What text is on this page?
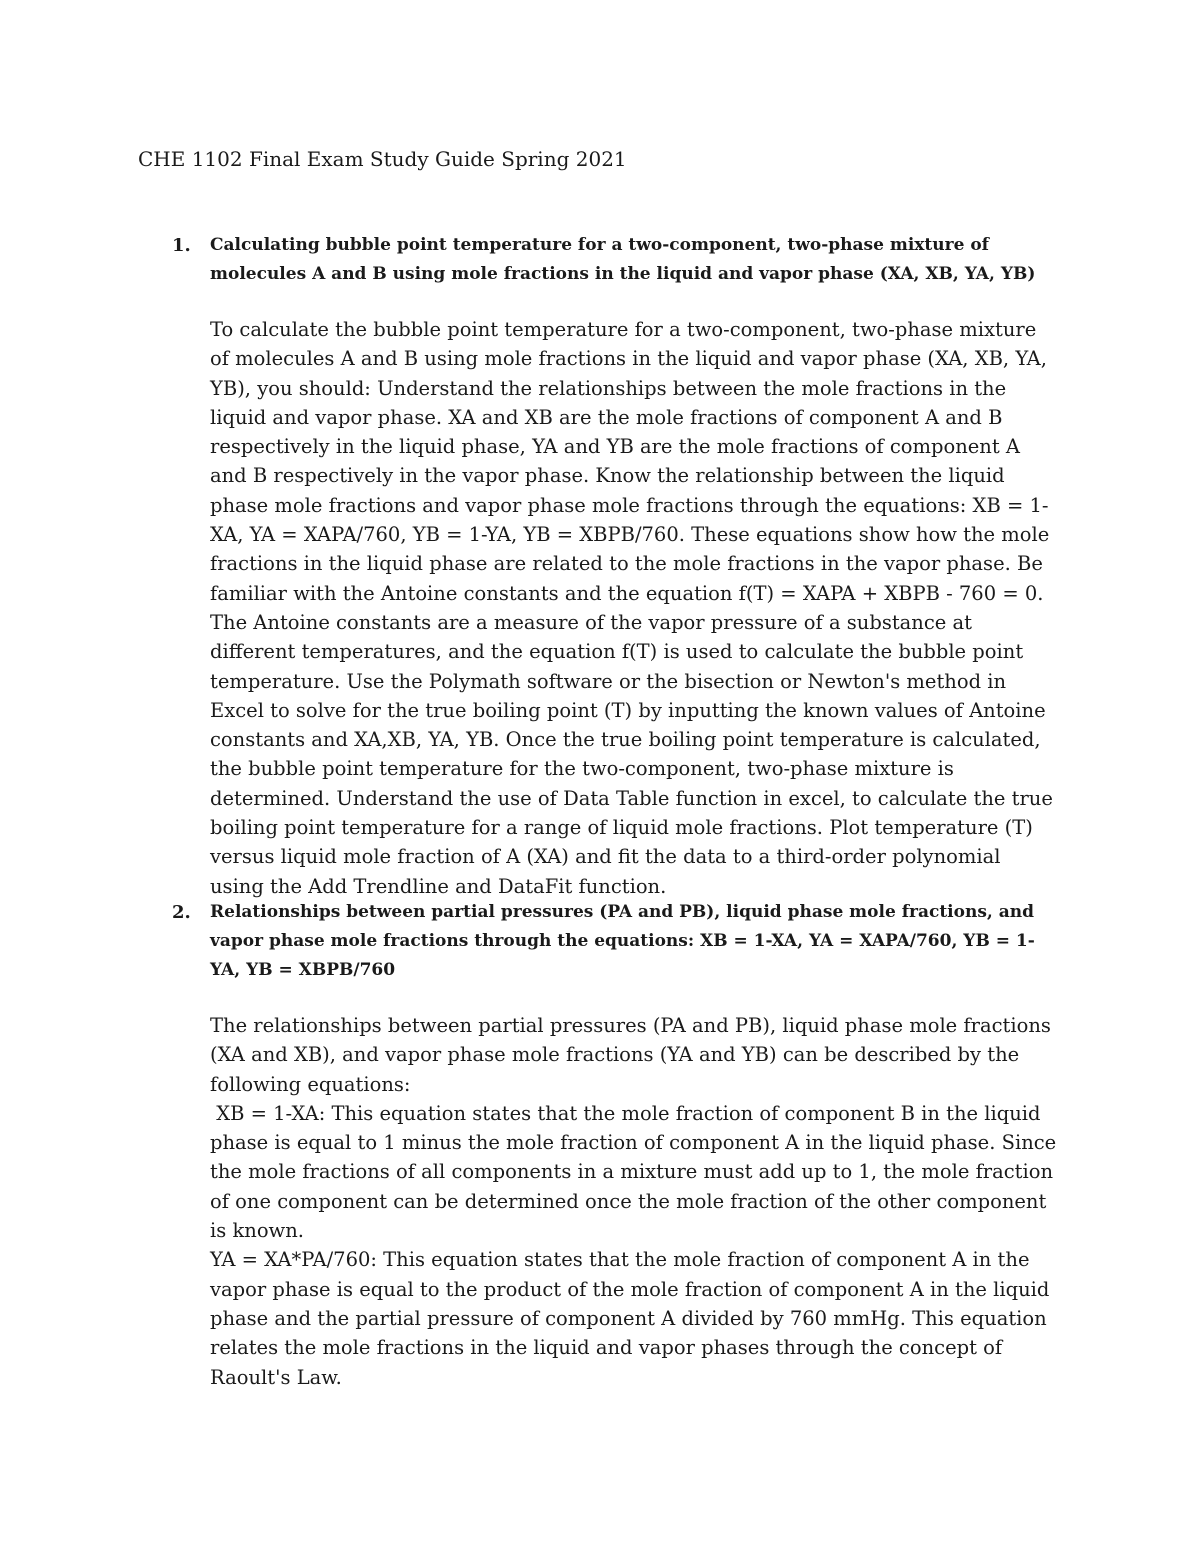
CHE 1102 Final Exam Study Guide Spring 2021
1. Calculating bubble point temperature for a two-component, two-phase mixture of molecules A and B using mole fractions in the liquid and vapor phase (XA, XB, YA, YB)

To calculate the bubble point temperature for a two-component, two-phase mixture of molecules A and B using mole fractions in the liquid and vapor phase (XA, XB, YA, YB), you should: Understand the relationships between the mole fractions in the liquid and vapor phase. XA and XB are the mole fractions of component A and B respectively in the liquid phase, YA and YB are the mole fractions of component A and B respectively in the vapor phase. Know the relationship between the liquid phase mole fractions and vapor phase mole fractions through the equations: XB = 1-XA, YA = XAPA/760, YB = 1-YA, YB = XBPB/760. These equations show how the mole fractions in the liquid phase are related to the mole fractions in the vapor phase. Be familiar with the Antoine constants and the equation f(T) = XAPA + XBPB - 760 = 0. The Antoine constants are a measure of the vapor pressure of a substance at different temperatures, and the equation f(T) is used to calculate the bubble point temperature. Use the Polymath software or the bisection or Newton's method in Excel to solve for the true boiling point (T) by inputting the known values of Antoine constants and XA,XB, YA, YB. Once the true boiling point temperature is calculated, the bubble point temperature for the two-component, two-phase mixture is determined. Understand the use of Data Table function in excel, to calculate the true boiling point temperature for a range of liquid mole fractions. Plot temperature (T) versus liquid mole fraction of A (XA) and fit the data to a third-order polynomial using the Add Trendline and DataFit function.

2. Relationships between partial pressures (PA and PB), liquid phase mole fractions, and vapor phase mole fractions through the equations: XB = 1-XA, YA = XAPA/760, YB = 1-YA, YB = XBPB/760

The relationships between partial pressures (PA and PB), liquid phase mole fractions (XA and XB), and vapor phase mole fractions (YA and YB) can be described by the following equations:

XB = 1-XA: This equation states that the mole fraction of component B in the liquid phase is equal to 1 minus the mole fraction of component A in the liquid phase. Since the mole fractions of all components in a mixture must add up to 1, the mole fraction of one component can be determined once the mole fraction of the other component is known.

YA = XA*PA/760: This equation states that the mole fraction of component A in the vapor phase is equal to the product of the mole fraction of component A in the liquid phase and the partial pressure of component A divided by 760 mmHg. This equation relates the mole fractions in the liquid and vapor phases through the concept of Raoult's Law.
